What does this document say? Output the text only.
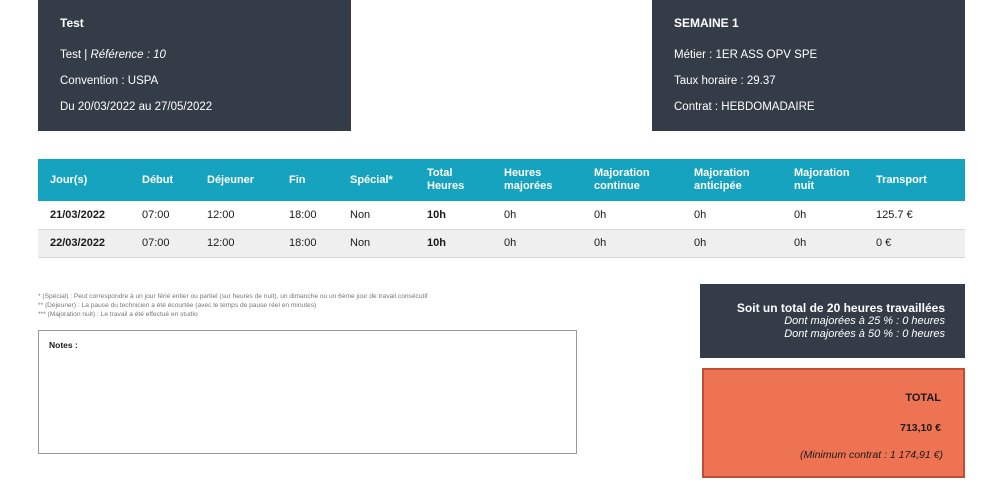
Test
Test | Référence : 10
Convention : USPA
Du 20/03/2022 au 27/05/2022
SEMAINE 1
Métier : 1ER ASS OPV SPE
Taux horaire : 29.37
Contrat : HEBDOMADAIRE
Jour(s)	Début	Déjeuner	Fin	Spécial*	Total Heures	Heures majorées	Majoration continue	Majoration anticipée	Majoration nuit	Transport
21/03/2022	07:00	12:00	18:00	Non	10h	0h	0h	0h	0h	125.7 €
22/03/2022	07:00	12:00	18:00	Non	10h	0h	0h	0h	0h	0 €
* (Spécial) : Peut correspondre à un jour férié entier ou partiel (sur heures de nuit), un dimanche ou un 6ème jour de travail consécutif
** (Déjeuner) : La pause du technicien a été écourtée (avec le temps de pause réel en minutes)
*** (Majoration nuit) : Le travail a été effectué en studio
Notes :
Soit un total de 20 heures travaillées
Dont majorées à 25 % : 0 heures
Dont majorées à 50 % : 0 heures
TOTAL
713,10 €
(Minimum contrat : 1 174,91 €)
